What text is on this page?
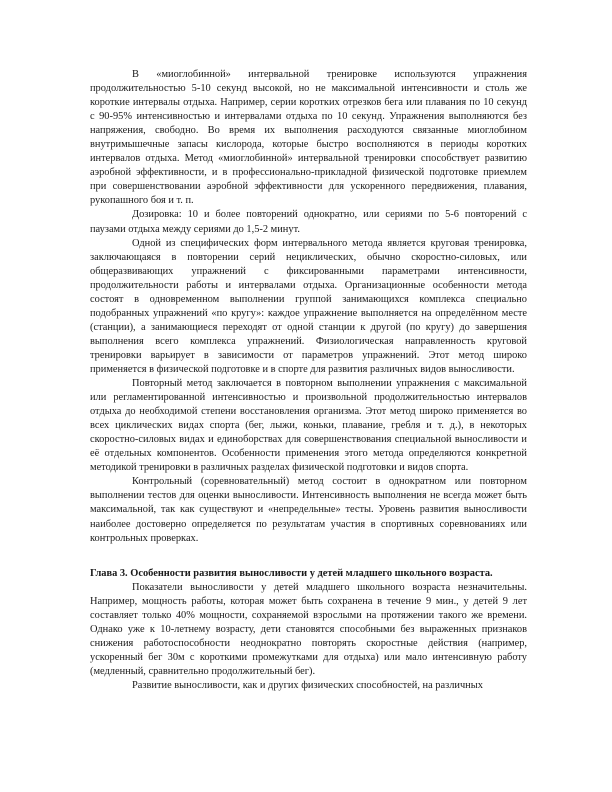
В «миоглобинной» интервальной тренировке используются упражнения продолжительностью 5-10 секунд высокой, но не максимальной интенсивности и столь же короткие интервалы отдыха. Например, серии коротких отрезков бега или плавания по 10 секунд с 90-95% интенсивностью и интервалами отдыха по 10 секунд. Упражнения выполняются без напряжения, свободно. Во время их выполнения расходуются связанные миоглобином внутримышечные запасы кислорода, которые быстро восполняются в периоды коротких интервалов отдыха. Метод «миоглобинной» интервальной тренировки способствует развитию аэробной эффективности, и в профессионально-прикладной физической подготовке приемлем при совершенствовании аэробной эффективности для ускоренного передвижения, плавания, рукопашного боя и т. п.

Дозировка: 10 и более повторений однократно, или сериями по 5-6 повторений с паузами отдыха между сериями до 1,5-2 минут.

Одной из специфических форм интервального метода является круговая тренировка, заключающаяся в повторении серий нециклических, обычно скоростно-силовых, или общеразвивающих упражнений с фиксированными параметрами интенсивности, продолжительности работы и интервалами отдыха. Организационные особенности метода состоят в одновременном выполнении группой занимающихся комплекса специально подобранных упражнений «по кругу»: каждое упражнение выполняется на определённом месте (станции), а занимающиеся переходят от одной станции к другой (по кругу) до завершения выполнения всего комплекса упражнений. Физиологическая направленность круговой тренировки варьирует в зависимости от параметров упражнений. Этот метод широко применяется в физической подготовке и в спорте для развития различных видов выносливости.

Повторный метод заключается в повторном выполнении упражнения с максимальной или регламентированной интенсивностью и произвольной продолжительностью интервалов отдыха до необходимой степени восстановления организма. Этот метод широко применяется во всех циклических видах спорта (бег, лыжи, коньки, плавание, гребля и т. д.), в некоторых скоростно-силовых видах и единоборствах для совершенствования специальной выносливости и её отдельных компонентов. Особенности применения этого метода определяются конкретной методикой тренировки в различных разделах физической подготовки и видов спорта.

Контрольный (соревновательный) метод состоит в однократном или повторном выполнении тестов для оценки выносливости. Интенсивность выполнения не всегда может быть максимальной, так как существуют и «непредельные» тесты. Уровень развития выносливости наиболее достоверно определяется по результатам участия в спортивных соревнованиях или контрольных проверках.

Глава 3. Особенности развития выносливости у детей младшего школьного возраста.

Показатели выносливости у детей младшего школьного возраста незначительны. Например, мощность работы, которая может быть сохранена в течение 9 мин., у детей 9 лет составляет только 40% мощности, сохраняемой взрослыми на протяжении такого же времени. Однако уже к 10-летнему возрасту, дети становятся способными без выраженных признаков снижения работоспособности неоднократно повторять скоростные действия (например, ускоренный бег 30м с короткими промежутками для отдыха) или мало интенсивную работу (медленный, сравнительно продолжительный бег).

Развитие выносливости, как и других физических способностей, на различных
